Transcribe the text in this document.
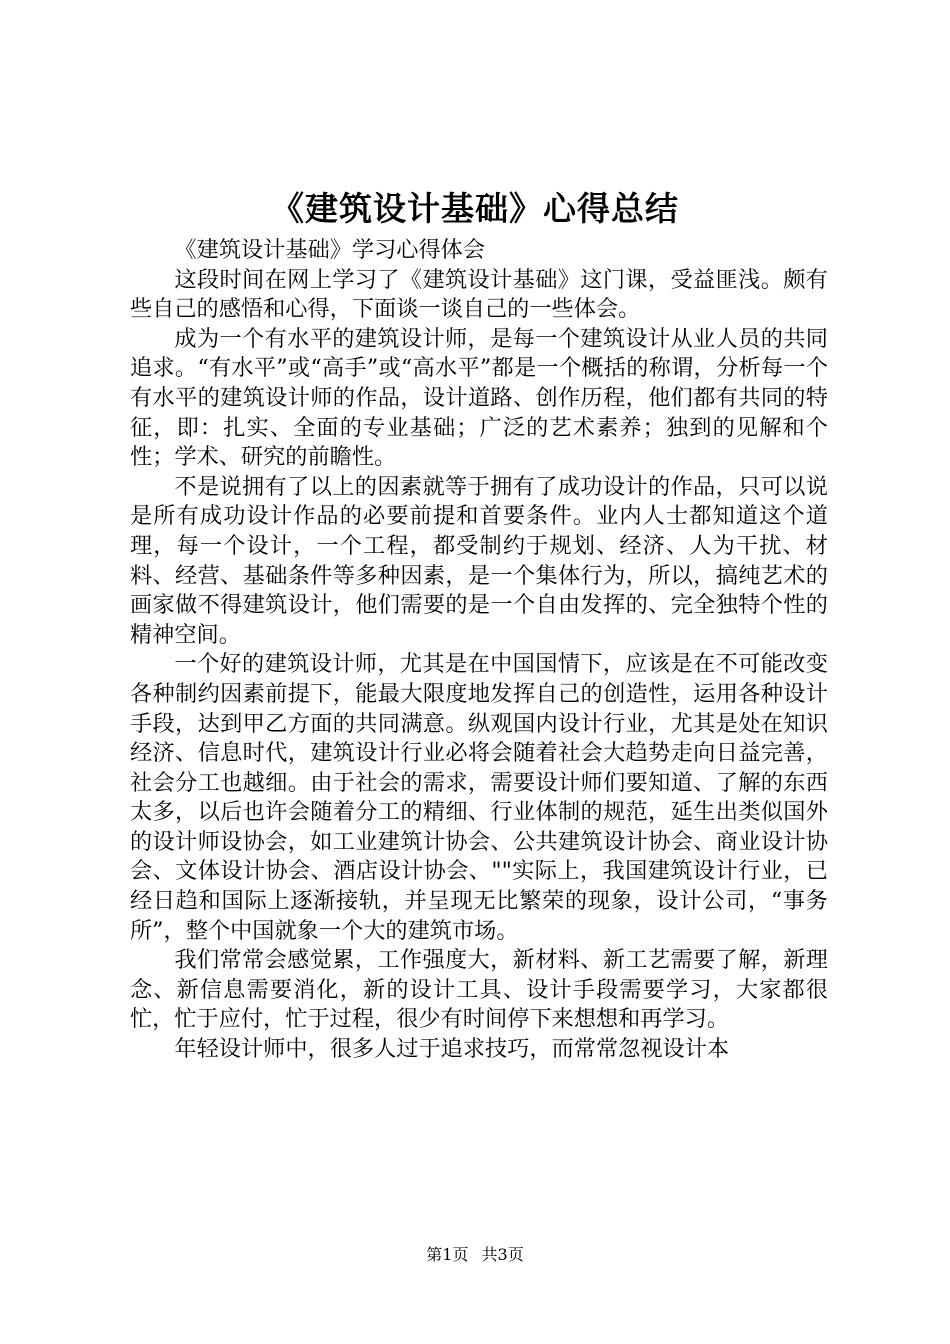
《建筑设计基础》心得总结

《建筑设计基础》学习心得体会

这段时间在网上学习了《建筑设计基础》这门课，受益匪浅。颇有些自己的感悟和心得，下面谈一谈自己的一些体会。

成为一个有水平的建筑设计师，是每一个建筑设计从业人员的共同追求。“有水平”或“高手”或“高水平”都是一个概括的称谓，分析每一个有水平的建筑设计师的作品，设计道路、创作历程，他们都有共同的特征，即：扎实、全面的专业基础；广泛的艺术素养；独到的见解和个性；学术、研究的前瞻性。

不是说拥有了以上的因素就等于拥有了成功设计的作品，只可以说是所有成功设计作品的必要前提和首要条件。业内人士都知道这个道理，每一个设计，一个工程，都受制约于规划、经济、人为干扰、材料、经营、基础条件等多种因素，是一个集体行为，所以，搞纯艺术的画家做不得建筑设计，他们需要的是一个自由发挥的、完全独特个性的精神空间。

一个好的建筑设计师，尤其是在中国国情下，应该是在不可能改变各种制约因素前提下，能最大限度地发挥自己的创造性，运用各种设计手段，达到甲乙方面的共同满意。纵观国内设计行业，尤其是处在知识经济、信息时代，建筑设计行业必将会随着社会大趋势走向日益完善，社会分工也越细。由于社会的需求，需要设计师们要知道、了解的东西太多，以后也许会随着分工的精细、行业体制的规范，延生出类似国外的设计师设协会，如工业建筑计协会、公共建筑设计协会、商业设计协会、文体设计协会、酒店设计协会、""实际上，我国建筑设计行业，已经日趋和国际上逐渐接轨，并呈现无比繁荣的现象，设计公司，“事务所”，整个中国就象一个大的建筑市场。

我们常常会感觉累，工作强度大，新材料、新工艺需要了解，新理念、新信息需要消化，新的设计工具、设计手段需要学习，大家都很忙，忙于应付，忙于过程，很少有时间停下来想想和再学习。

年轻设计师中，很多人过于追求技巧，而常常忽视设计本

第1页 共3页
